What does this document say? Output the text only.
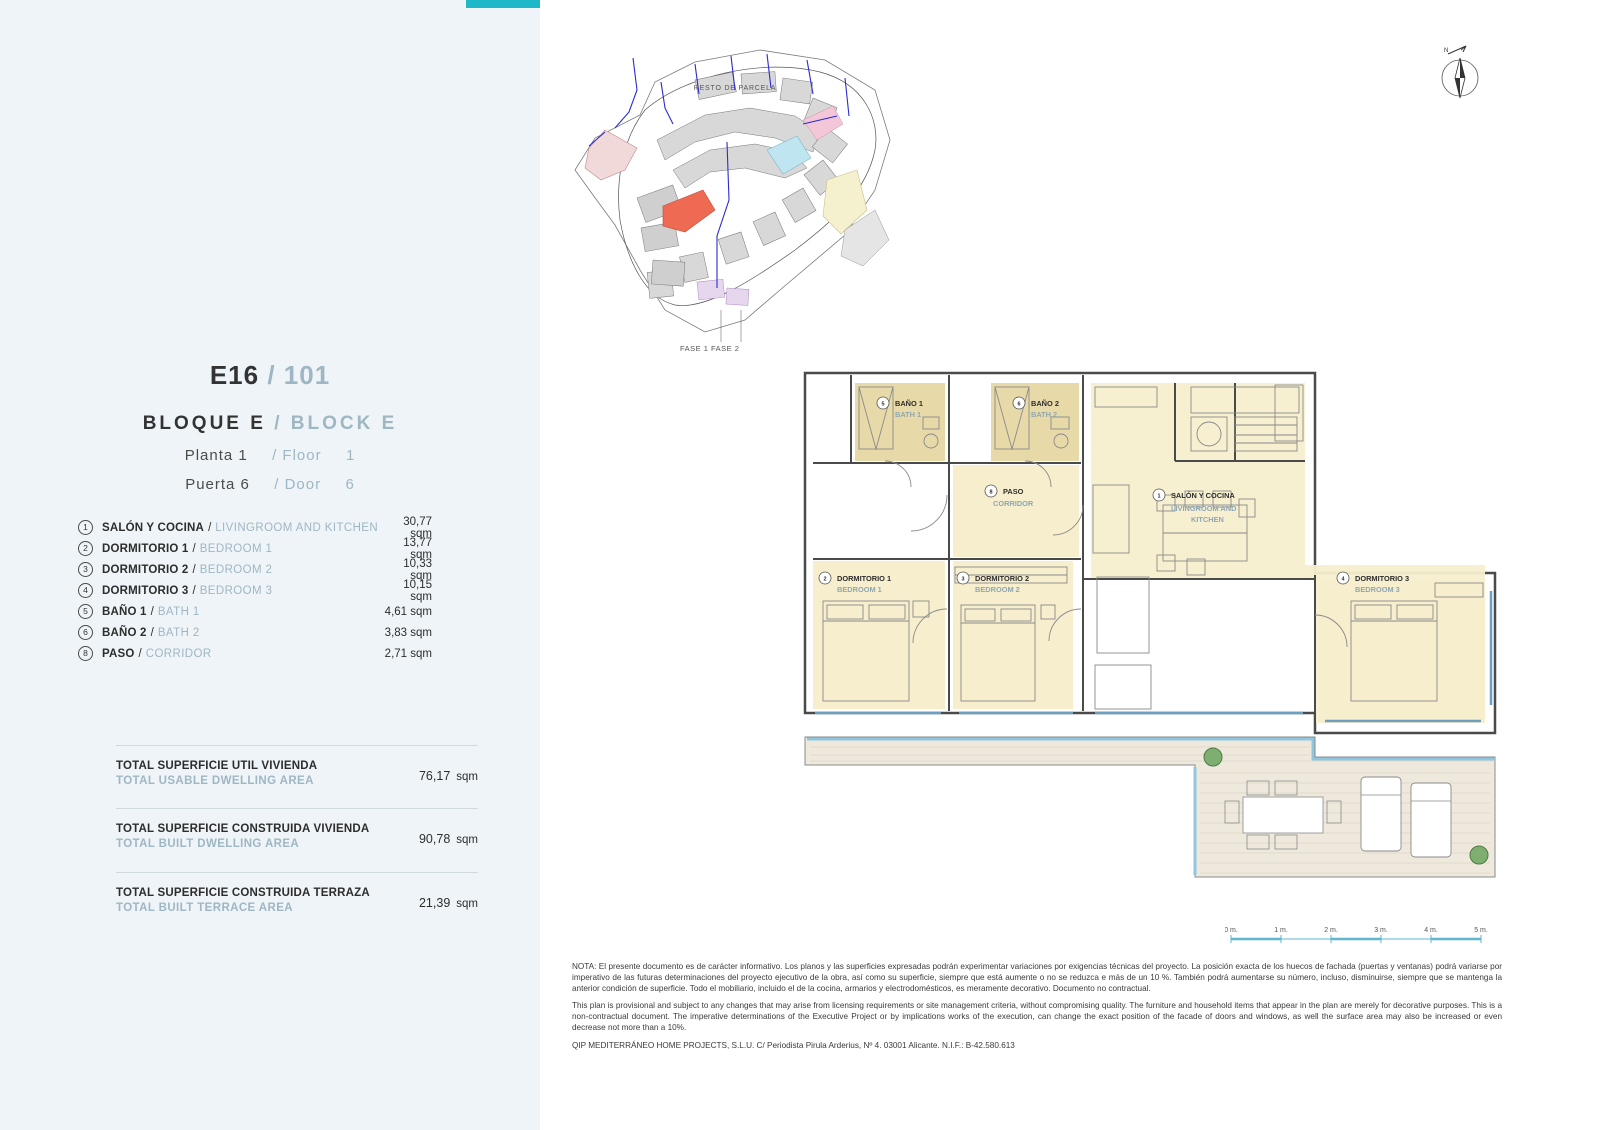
E16 / 101
BLOQUE E / BLOCK E
Planta 1 / Floor 1
Puerta 6 / Door 6
1	SALÓN Y COCINA / LIVINGROOM AND KITCHEN	30,77 sqm
2	DORMITORIO 1 / BEDROOM 1	13,77 sqm
3	DORMITORIO 2 / BEDROOM 2	10,33 sqm
4	DORMITORIO 3 / BEDROOM 3	10,15 sqm
5	BAÑO 1 / BATH 1	4,61 sqm
6	BAÑO 2 / BATH 2	3,83 sqm
8	PASO / CORRIDOR	2,71 sqm
TOTAL SUPERFICIE UTIL VIVIENDA
TOTAL USABLE DWELLING AREA	76,17 sqm
TOTAL SUPERFICIE CONSTRUIDA VIVIENDA
TOTAL BUILT DWELLING AREA	90,78 sqm
TOTAL SUPERFICIE CONSTRUIDA TERRAZA
TOTAL BUILT TERRACE AREA	21,39 sqm
RESTO DE PARCELA
FASE 1 FASE 2
N
5 BAÑO 1
BATH 1
6 BAÑO 2
BATH 2
8 PASO
CORRIDOR
1 SALÓN Y COCINA
LIVINGROOM AND
KITCHEN
2 DORMITORIO 1
BEDROOM 1
3 DORMITORIO 2
BEDROOM 2
4 DORMITORIO 3
BEDROOM 3
0 m.	1 m.	2 m.	3 m.	4 m.	5 m.

NOTA: El presente documento es de carácter informativo. Los planos y las superficies expresadas podrán experimentar variaciones por exigencias técnicas del proyecto. La posición exacta de los huecos de fachada (puertas y ventanas) podrá variarse por imperativo de las futuras determinaciones del proyecto ejecutivo de la obra, así como su superficie, siempre que está aumente o no se reduzca e más de un 10 %. También podrá aumentarse su número, incluso, disminuirse, siempre que se mantenga la anterior condición de superficie. Todo el mobiliario, incluido el de la cocina, armarios y electrodomésticos, es meramente decorativo. Documento no contractual.

This plan is provisional and subject to any changes that may arise from licensing requirements or site management criteria, without compromising quality. The furniture and household items that appear in the plan are merely for decorative purposes. This is a non-contractual document. The imperative determinations of the Executive Project or by implications works of the execution, can change the exact position of the facade of doors and windows, as well the surface area may also be increased or even decrease not more than a 10%.

QIP MEDITERRÁNEO HOME PROJECTS, S.L.U. C/ Periodista Pirula Arderius, Nº 4. 03001 Alicante. N.I.F.: B-42.580.613
